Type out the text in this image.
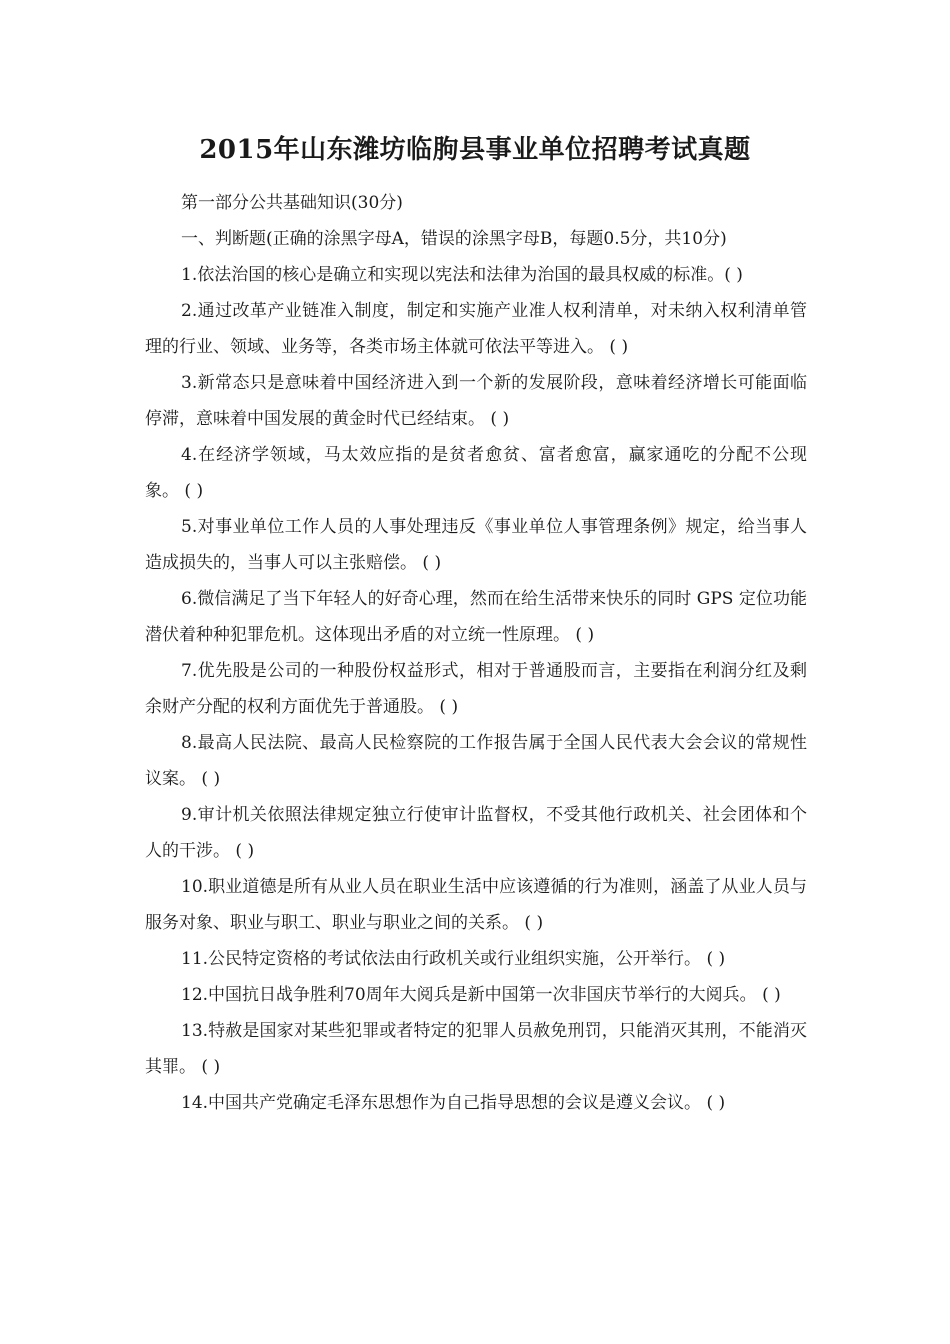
2015年山东潍坊临朐县事业单位招聘考试真题

第一部分公共基础知识(30分)

一、判断题(正确的涂黑字母A，错误的涂黑字母B，每题0.5分，共10分)

1.依法治国的核心是确立和实现以宪法和法律为治国的最具权威的标准。( )

2.通过改革产业链准入制度，制定和实施产业准人权利清单，对未纳入权利清单管理的行业、领域、业务等，各类市场主体就可依法平等进入。 ( )

3.新常态只是意味着中国经济进入到一个新的发展阶段，意味着经济增长可能面临停滞，意味着中国发展的黄金时代已经结束。 ( )

4.在经济学领域，马太效应指的是贫者愈贫、富者愈富，赢家通吃的分配不公现象。 ( )

5.对事业单位工作人员的人事处理违反《事业单位人事管理条例》规定，给当事人造成损失的，当事人可以主张赔偿。 ( )

6.微信满足了当下年轻人的好奇心理，然而在给生活带来快乐的同时 GPS 定位功能潜伏着种种犯罪危机。这体现出矛盾的对立统一性原理。 ( )

7.优先股是公司的一种股份权益形式，相对于普通股而言，主要指在利润分红及剩余财产分配的权利方面优先于普通股。 ( )

8.最高人民法院、最高人民检察院的工作报告属于全国人民代表大会会议的常规性议案。 ( )

9.审计机关依照法律规定独立行使审计监督权，不受其他行政机关、社会团体和个人的干涉。 ( )

10.职业道德是所有从业人员在职业生活中应该遵循的行为准则，涵盖了从业人员与服务对象、职业与职工、职业与职业之间的关系。 ( )

11.公民特定资格的考试依法由行政机关或行业组织实施，公开举行。 ( )

12.中国抗日战争胜利70周年大阅兵是新中国第一次非国庆节举行的大阅兵。 ( )

13.特赦是国家对某些犯罪或者特定的犯罪人员赦免刑罚，只能消灭其刑，不能消灭其罪。 ( )

14.中国共产党确定毛泽东思想作为自己指导思想的会议是遵义会议。 ( )
